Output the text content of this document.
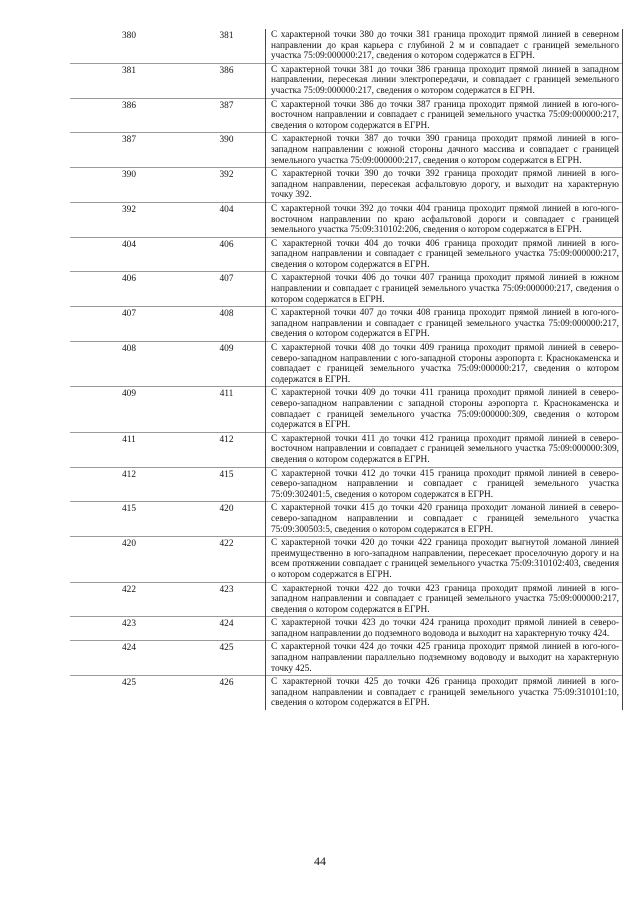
380	381	С характерной точки 380 до точки 381 граница проходит прямой линией в северном направлении до края карьера с глубиной 2 м и совпадает с границей земельного участка 75:09:000000:217, сведения о котором содержатся в ЕГРН.
381	386	С характерной точки 381 до точки 386 граница проходит прямой линией в западном направлении, пересекая линии электропередачи, и совпадает с границей земельного участка 75:09:000000:217, сведения о котором содержатся в ЕГРН.
386	387	С характерной точки 386 до точки 387 граница проходит прямой линией в юго-юго-восточном направлении и совпадает с границей земельного участка 75:09:000000:217, сведения о котором содержатся в ЕГРН.
387	390	С характерной точки 387 до точки 390 граница проходит прямой линией в юго-западном направлении с южной стороны дачного массива и совпадает с границей земельного участка 75:09:000000:217, сведения о котором содержатся в ЕГРН.
390	392	С характерной точки 390 до точки 392 граница проходит прямой линией в юго-западном направлении, пересекая асфальтовую дорогу, и выходит на характерную точку 392.
392	404	С характерной точки 392 до точки 404 граница проходит прямой линией в юго-юго-восточном направлении по краю асфальтовой дороги и совпадает с границей земельного участка 75:09:310102:206, сведения о котором содержатся в ЕГРН.
404	406	С характерной точки 404 до точки 406 граница проходит прямой линией в юго-западном направлении и совпадает с границей земельного участка 75:09:000000:217, сведения о котором содержатся в ЕГРН.
406	407	С характерной точки 406 до точки 407 граница проходит прямой линией в южном направлении и совпадает с границей земельного участка 75:09:000000:217, сведения о котором содержатся в ЕГРН.
407	408	С характерной точки 407 до точки 408 граница проходит прямой линией в юго-юго-западном направлении и совпадает с границей земельного участка 75:09:000000:217, сведения о котором содержатся в ЕГРН.
408	409	С характерной точки 408 до точки 409 граница проходит прямой линией в северо-северо-западном направлении с юго-западной стороны аэропорта г. Краснокаменска и совпадает с границей земельного участка 75:09:000000:217, сведения о котором содержатся в ЕГРН.
409	411	С характерной точки 409 до точки 411 граница проходит прямой линией в северо-северо-западном направлении с западной стороны аэропорта г. Краснокаменска и совпадает с границей земельного участка 75:09:000000:309, сведения о котором содержатся в ЕГРН.
411	412	С характерной точки 411 до точки 412 граница проходит прямой линией в северо-восточном направлении и совпадает с границей земельного участка 75:09:000000:309, сведения о котором содержатся в ЕГРН.
412	415	С характерной точки 412 до точки 415 граница проходит прямой линией в северо-северо-западном направлении и совпадает с границей земельного участка 75:09:302401:5, сведения о котором содержатся в ЕГРН.
415	420	С характерной точки 415 до точки 420 граница проходит ломаной линией в северо-северо-западном направлении и совпадает с границей земельного участка 75:09:300503:5, сведения о котором содержатся в ЕГРН.
420	422	С характерной точки 420 до точки 422 граница проходит выгнутой ломаной линией преимущественно в юго-западном направлении, пересекает проселочную дорогу и на всем протяжении совпадает с границей земельного участка 75:09:310102:403, сведения о котором содержатся в ЕГРН.
422	423	С характерной точки 422 до точки 423 граница проходит прямой линией в юго-западном направлении и совпадает с границей земельного участка 75:09:000000:217, сведения о котором содержатся в ЕГРН.
423	424	С характерной точки 423 до точки 424 граница проходит прямой линией в северо-западном направлении до подземного водовода и выходит на характерную точку 424.
424	425	С характерной точки 424 до точки 425 граница проходит прямой линией в юго-юго-западном направлении параллельно подземному водоводу и выходит на характерную точку 425.
425	426	С характерной точки 425 до точки 426 граница проходит прямой линией в юго-западном направлении и совпадает с границей земельного участка 75:09:310101:10, сведения о котором содержатся в ЕГРН.
44
